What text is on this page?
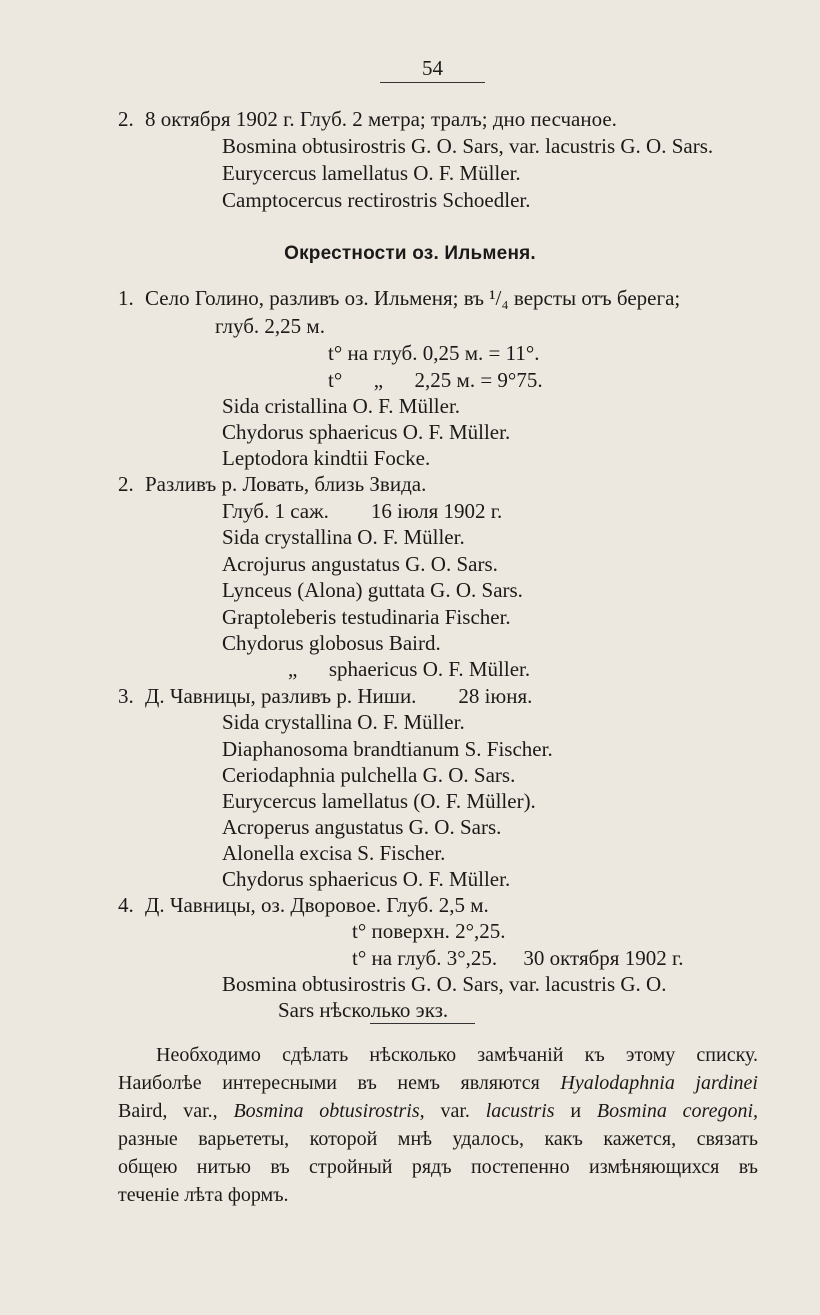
54
2. 8 октября 1902 г. Глуб. 2 метра; тралъ; дно песчаное.
Bosmina obtusirostris G. O. Sars, var. lacustris G. O. Sars.
Eurycercus lamellatus O. F. Müller.
Camptocercus rectirostris Schoedler.
Окрестности оз. Ильменя.
1. Село Голино, разливъ оз. Ильменя; въ ¹/₄ версты отъ берега;
глуб. 2,25 м.
t° на глуб. 0,25 м. = 11°.
t°      „      2,25 м. = 9°75.
Sida cristallina O. F. Müller.
Chydorus sphaericus O. F. Müller.
Leptodora kindtii Focke.
2. Разливъ р. Ловать, близь Звида.
Глуб. 1 саж.        16 іюля 1902 г.
Sida crystallina O. F. Müller.
Acrojurus angustatus G. O. Sars.
Lynceus (Alona) guttata G. O. Sars.
Graptoleberis testudinaria Fischer.
Chydorus globosus Baird.
„      sphaericus O. F. Müller.
3. Д. Чавницы, разливъ р. Ниши.        28 іюня.
Sida crystallina O. F. Müller.
Diaphanosoma brandtianum S. Fischer.
Ceriodaphnia pulchella G. O. Sars.
Eurycercus lamellatus (O. F. Müller).
Acroperus angustatus G. O. Sars.
Alonella excisa S. Fischer.
Chydorus sphaericus O. F. Müller.
4. Д. Чавницы, оз. Дворовое. Глуб. 2,5 м.
t° поверхн. 2°,25.
t° на глуб. 3°,25.     30 октября 1902 г.
Bosmina obtusirostris G. O. Sars, var. lacustris G. O.
Sars нѣсколько экз.
Необходимо сдѣлать нѣсколько замѣчаній къ этому списку.
Наиболѣе интересными въ немъ являются Hyalodaphnia jardinei
Baird, var., Bosmina obtusirostris, var. lacustris и Bosmina coregoni,
разные варьететы, которой мнѣ удалось, какъ кажется, связать
общею нитью въ стройный рядъ постепенно измѣняющихся въ
теченіе лѣта формъ.
